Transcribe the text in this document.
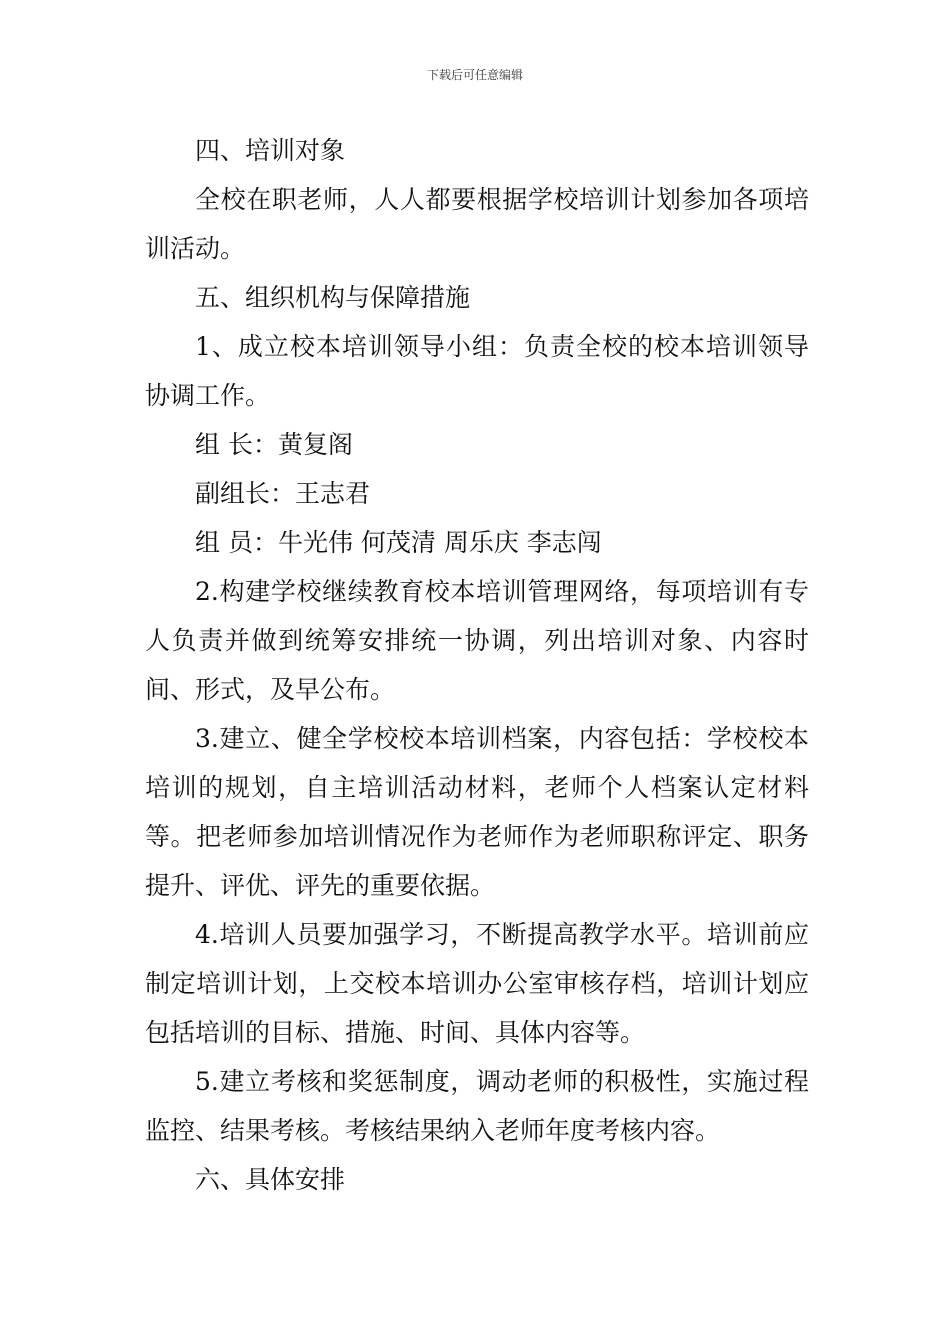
下载后可任意编辑

四、培训对象

全校在职老师，人人都要根据学校培训计划参加各项培训活动。

五、组织机构与保障措施

1、成立校本培训领导小组：负责全校的校本培训领导协调工作。

组 长：黄复阁

副组长：王志君

组 员：牛光伟 何茂清 周乐庆 李志闯

2.构建学校继续教育校本培训管理网络，每项培训有专人负责并做到统筹安排统一协调，列出培训对象、内容时间、形式，及早公布。

3.建立、健全学校校本培训档案，内容包括：学校校本培训的规划，自主培训活动材料，老师个人档案认定材料等。把老师参加培训情况作为老师作为老师职称评定、职务提升、评优、评先的重要依据。

4.培训人员要加强学习，不断提高教学水平。培训前应制定培训计划，上交校本培训办公室审核存档，培训计划应包括培训的目标、措施、时间、具体内容等。

5.建立考核和奖惩制度，调动老师的积极性，实施过程监控、结果考核。考核结果纳入老师年度考核内容。

六、具体安排
